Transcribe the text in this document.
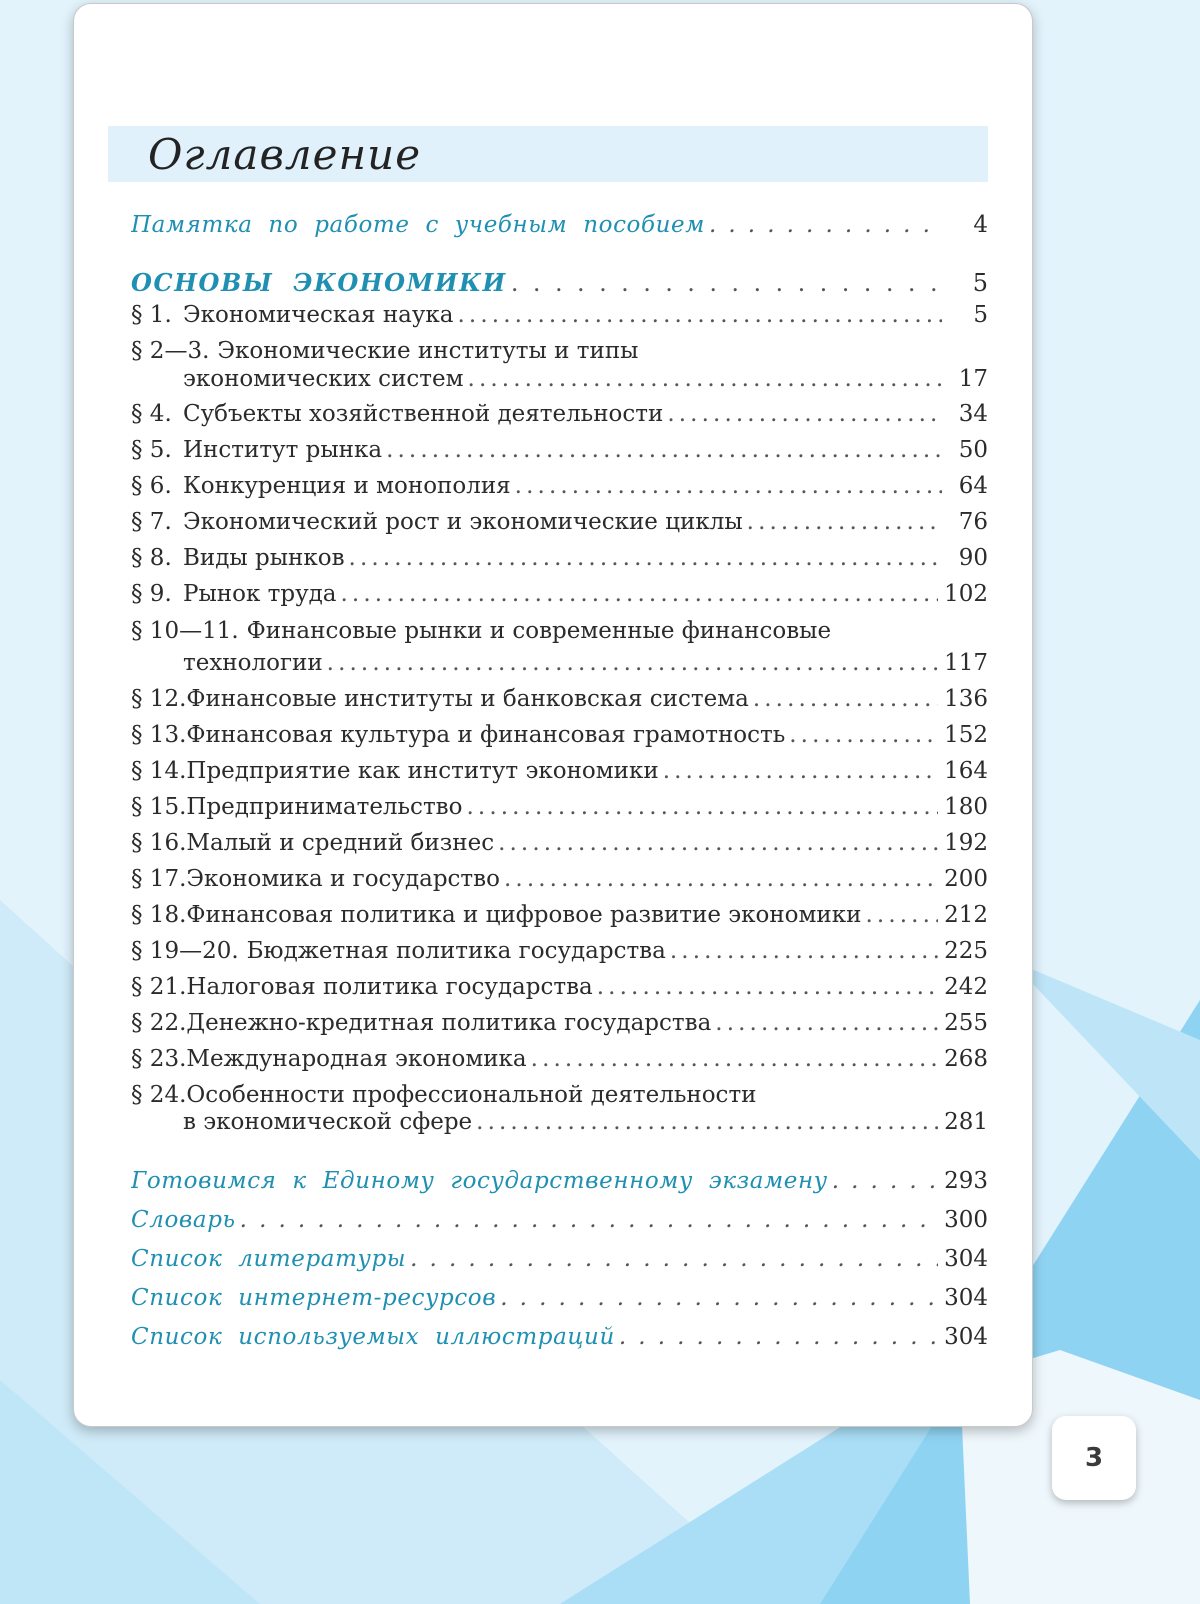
Оглавление
Памятка по работе с учебным пособием . . .	4
ОСНОВЫ ЭКОНОМИКИ . . .	5
§ 1. Экономическая наука . . .	5
§ 2—3. Экономические институты и типы
экономических систем . . .	17
§ 4. Субъекты хозяйственной деятельности . . .	34
§ 5. Институт рынка . . .	50
§ 6. Конкуренция и монополия . . .	64
§ 7. Экономический рост и экономические циклы . . .	76
§ 8. Виды рынков . . .	90
§ 9. Рынок труда . . .	102
§ 10—11. Финансовые рынки и современные финансовые
технологии . . .	117
§ 12. Финансовые институты и банковская система . . .	136
§ 13. Финансовая культура и финансовая грамотность . . .	152
§ 14. Предприятие как институт экономики . . .	164
§ 15. Предпринимательство . . .	180
§ 16. Малый и средний бизнес . . .	192
§ 17. Экономика и государство . . .	200
§ 18. Финансовая политика и цифровое развитие экономики . . .	212
§ 19—20. Бюджетная политика государства . . .	225
§ 21. Налоговая политика государства . . .	242
§ 22. Денежно-кредитная политика государства . . .	255
§ 23. Международная экономика . . .	268
§ 24. Особенности профессиональной деятельности
в экономической сфере . . .	281
Готовимся к Единому государственному экзамену . . .	293
Словарь . . .	300
Список литературы . . .	304
Список интернет-ресурсов . . .	304
Список используемых иллюстраций . . .	304
3
